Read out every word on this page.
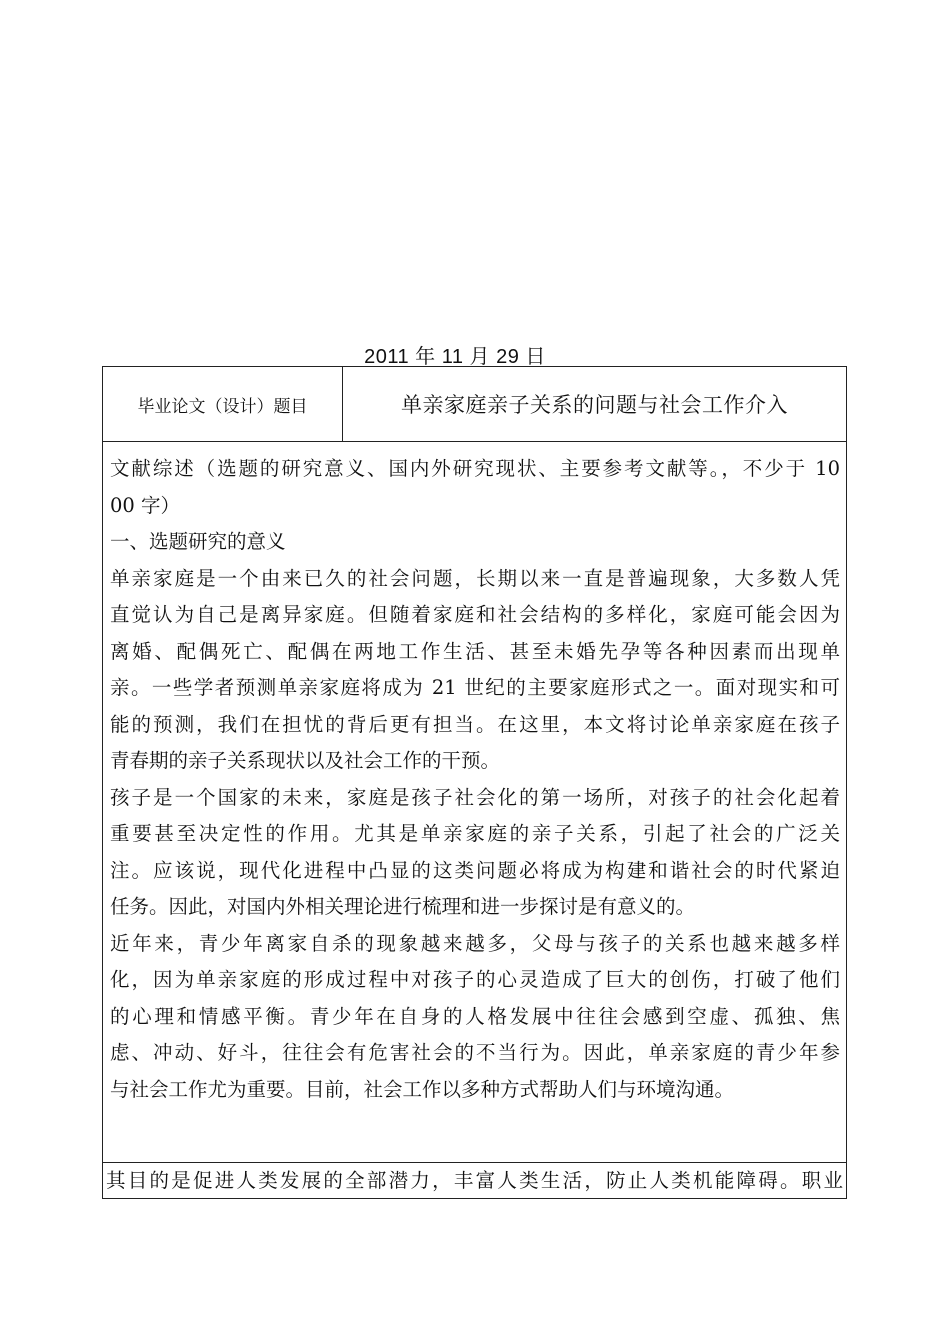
2011 年 11 月 29 日
毕业论文（设计）题目	单亲家庭亲子关系的问题与社会工作介入
文献综述（选题的研究意义、国内外研究现状、主要参考文献等。，不少于 10
00 字）
一、选题研究的意义
单亲家庭是一个由来已久的社会问题，长期以来一直是普遍现象，大多数人凭
直觉认为自己是离异家庭。但随着家庭和社会结构的多样化，家庭可能会因为
离婚、配偶死亡、配偶在两地工作生活、甚至未婚先孕等各种因素而出现单
亲。一些学者预测单亲家庭将成为 21 世纪的主要家庭形式之一。面对现实和可
能的预测，我们在担忧的背后更有担当。在这里，本文将讨论单亲家庭在孩子
青春期的亲子关系现状以及社会工作的干预。
孩子是一个国家的未来，家庭是孩子社会化的第一场所，对孩子的社会化起着
重要甚至决定性的作用。尤其是单亲家庭的亲子关系，引起了社会的广泛关
注。应该说，现代化进程中凸显的这类问题必将成为构建和谐社会的时代紧迫
任务。因此，对国内外相关理论进行梳理和进一步探讨是有意义的。
近年来，青少年离家自杀的现象越来越多，父母与孩子的关系也越来越多样
化，因为单亲家庭的形成过程中对孩子的心灵造成了巨大的创伤，打破了他们
的心理和情感平衡。青少年在自身的人格发展中往往会感到空虚、孤独、焦
虑、冲动、好斗，往往会有危害社会的不当行为。因此，单亲家庭的青少年参
与社会工作尤为重要。目前，社会工作以多种方式帮助人们与环境沟通。
其目的是促进人类发展的全部潜力，丰富人类生活，防止人类机能障碍。职业
